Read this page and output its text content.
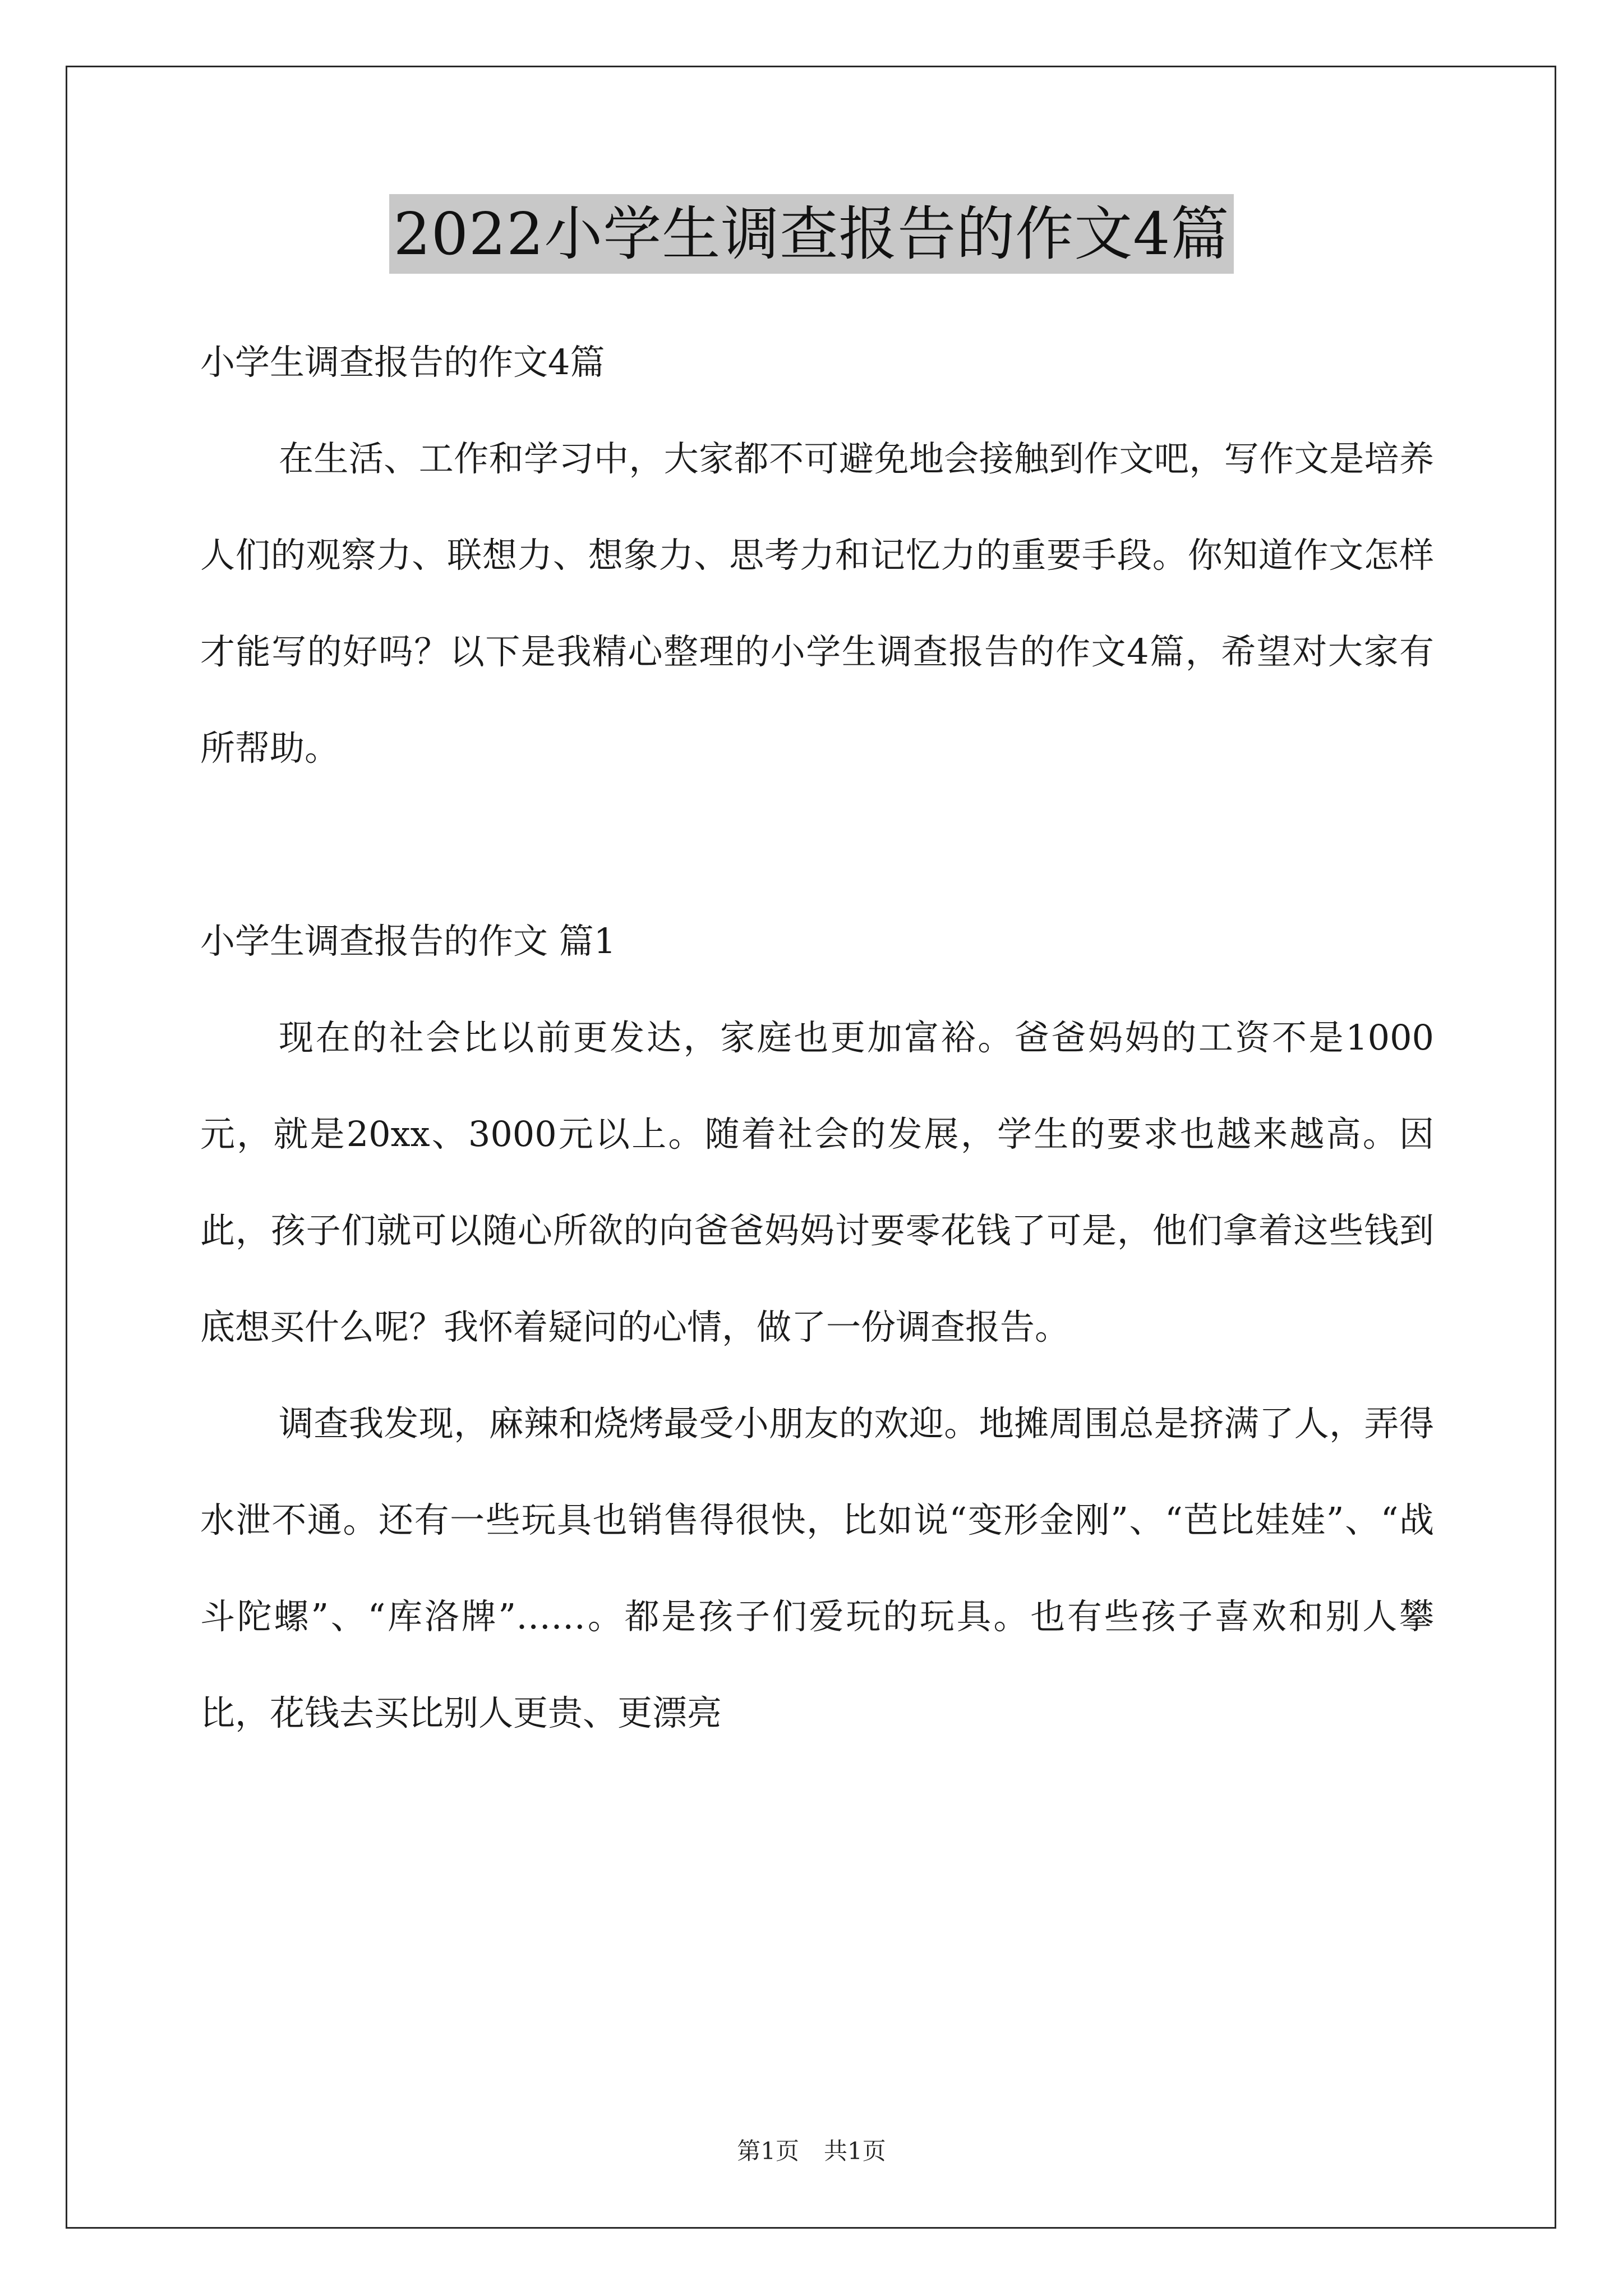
2022小学生调查报告的作文4篇

小学生调查报告的作文4篇

在生活、工作和学习中，大家都不可避免地会接触到作文吧，写作文是培养人们的观察力、联想力、想象力、思考力和记忆力的重要手段。你知道作文怎样才能写的好吗？以下是我精心整理的小学生调查报告的作文4篇，希望对大家有所帮助。

小学生调查报告的作文 篇1

现在的社会比以前更发达，家庭也更加富裕。爸爸妈妈的工资不是1000元，就是20xx、3000元以上。随着社会的发展，学生的要求也越来越高。因此，孩子们就可以随心所欲的向爸爸妈妈讨要零花钱了可是，他们拿着这些钱到底想买什么呢？我怀着疑问的心情，做了一份调查报告。

调查我发现，麻辣和烧烤最受小朋友的欢迎。地摊周围总是挤满了人，弄得水泄不通。还有一些玩具也销售得很快，比如说“变形金刚”、“芭比娃娃”、“战斗陀螺”、“库洛牌”……。都是孩子们爱玩的玩具。也有些孩子喜欢和别人攀比，花钱去买比别人更贵、更漂亮

第1页 共1页
